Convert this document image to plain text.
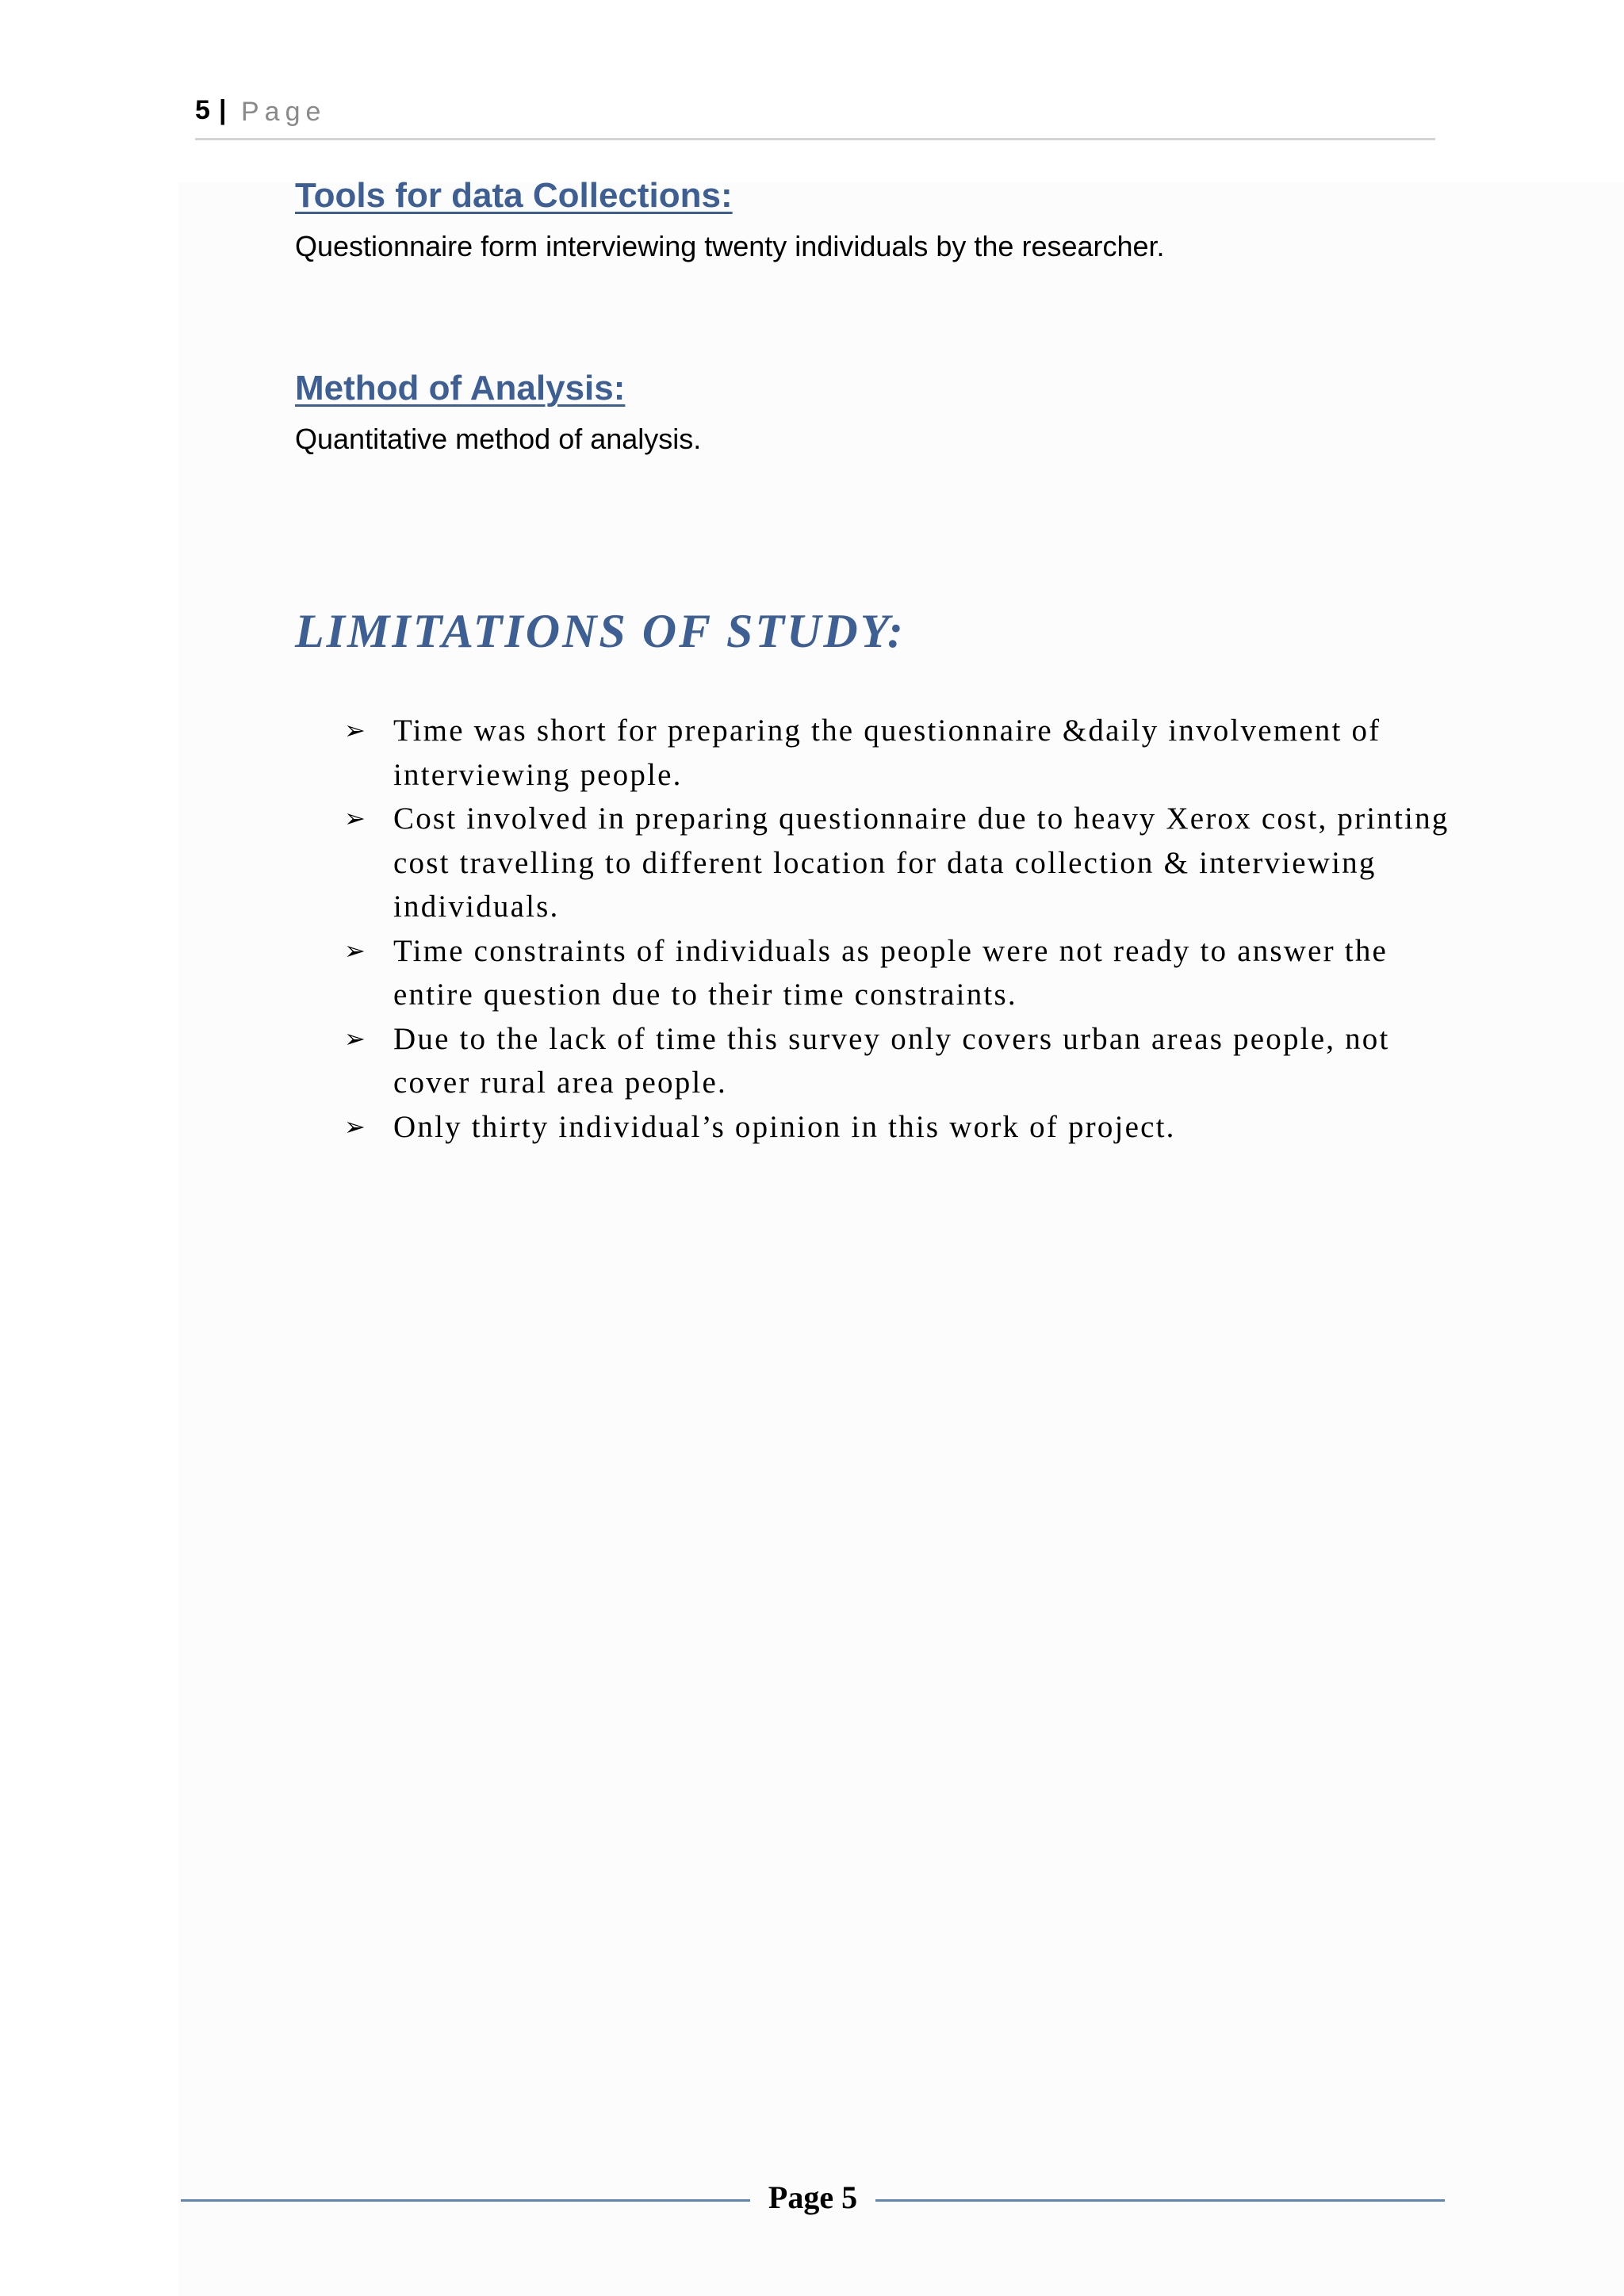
5 | Page
Tools for data Collections:

Questionnaire form interviewing twenty individuals by the researcher.

Method of Analysis:

Quantitative method of analysis.

LIMITATIONS OF STUDY:
➢ Time was short for preparing the questionnaire &daily involvement of interviewing people.
➢ Cost involved in preparing questionnaire due to heavy Xerox cost, printing cost travelling to different location for data collection & interviewing individuals.
➢ Time constraints of individuals as people were not ready to answer the entire question due to their time constraints.
➢ Due to the lack of time this survey only covers urban areas people, not cover rural area people.
➢ Only thirty individual’s opinion in this work of project.
Page 5
